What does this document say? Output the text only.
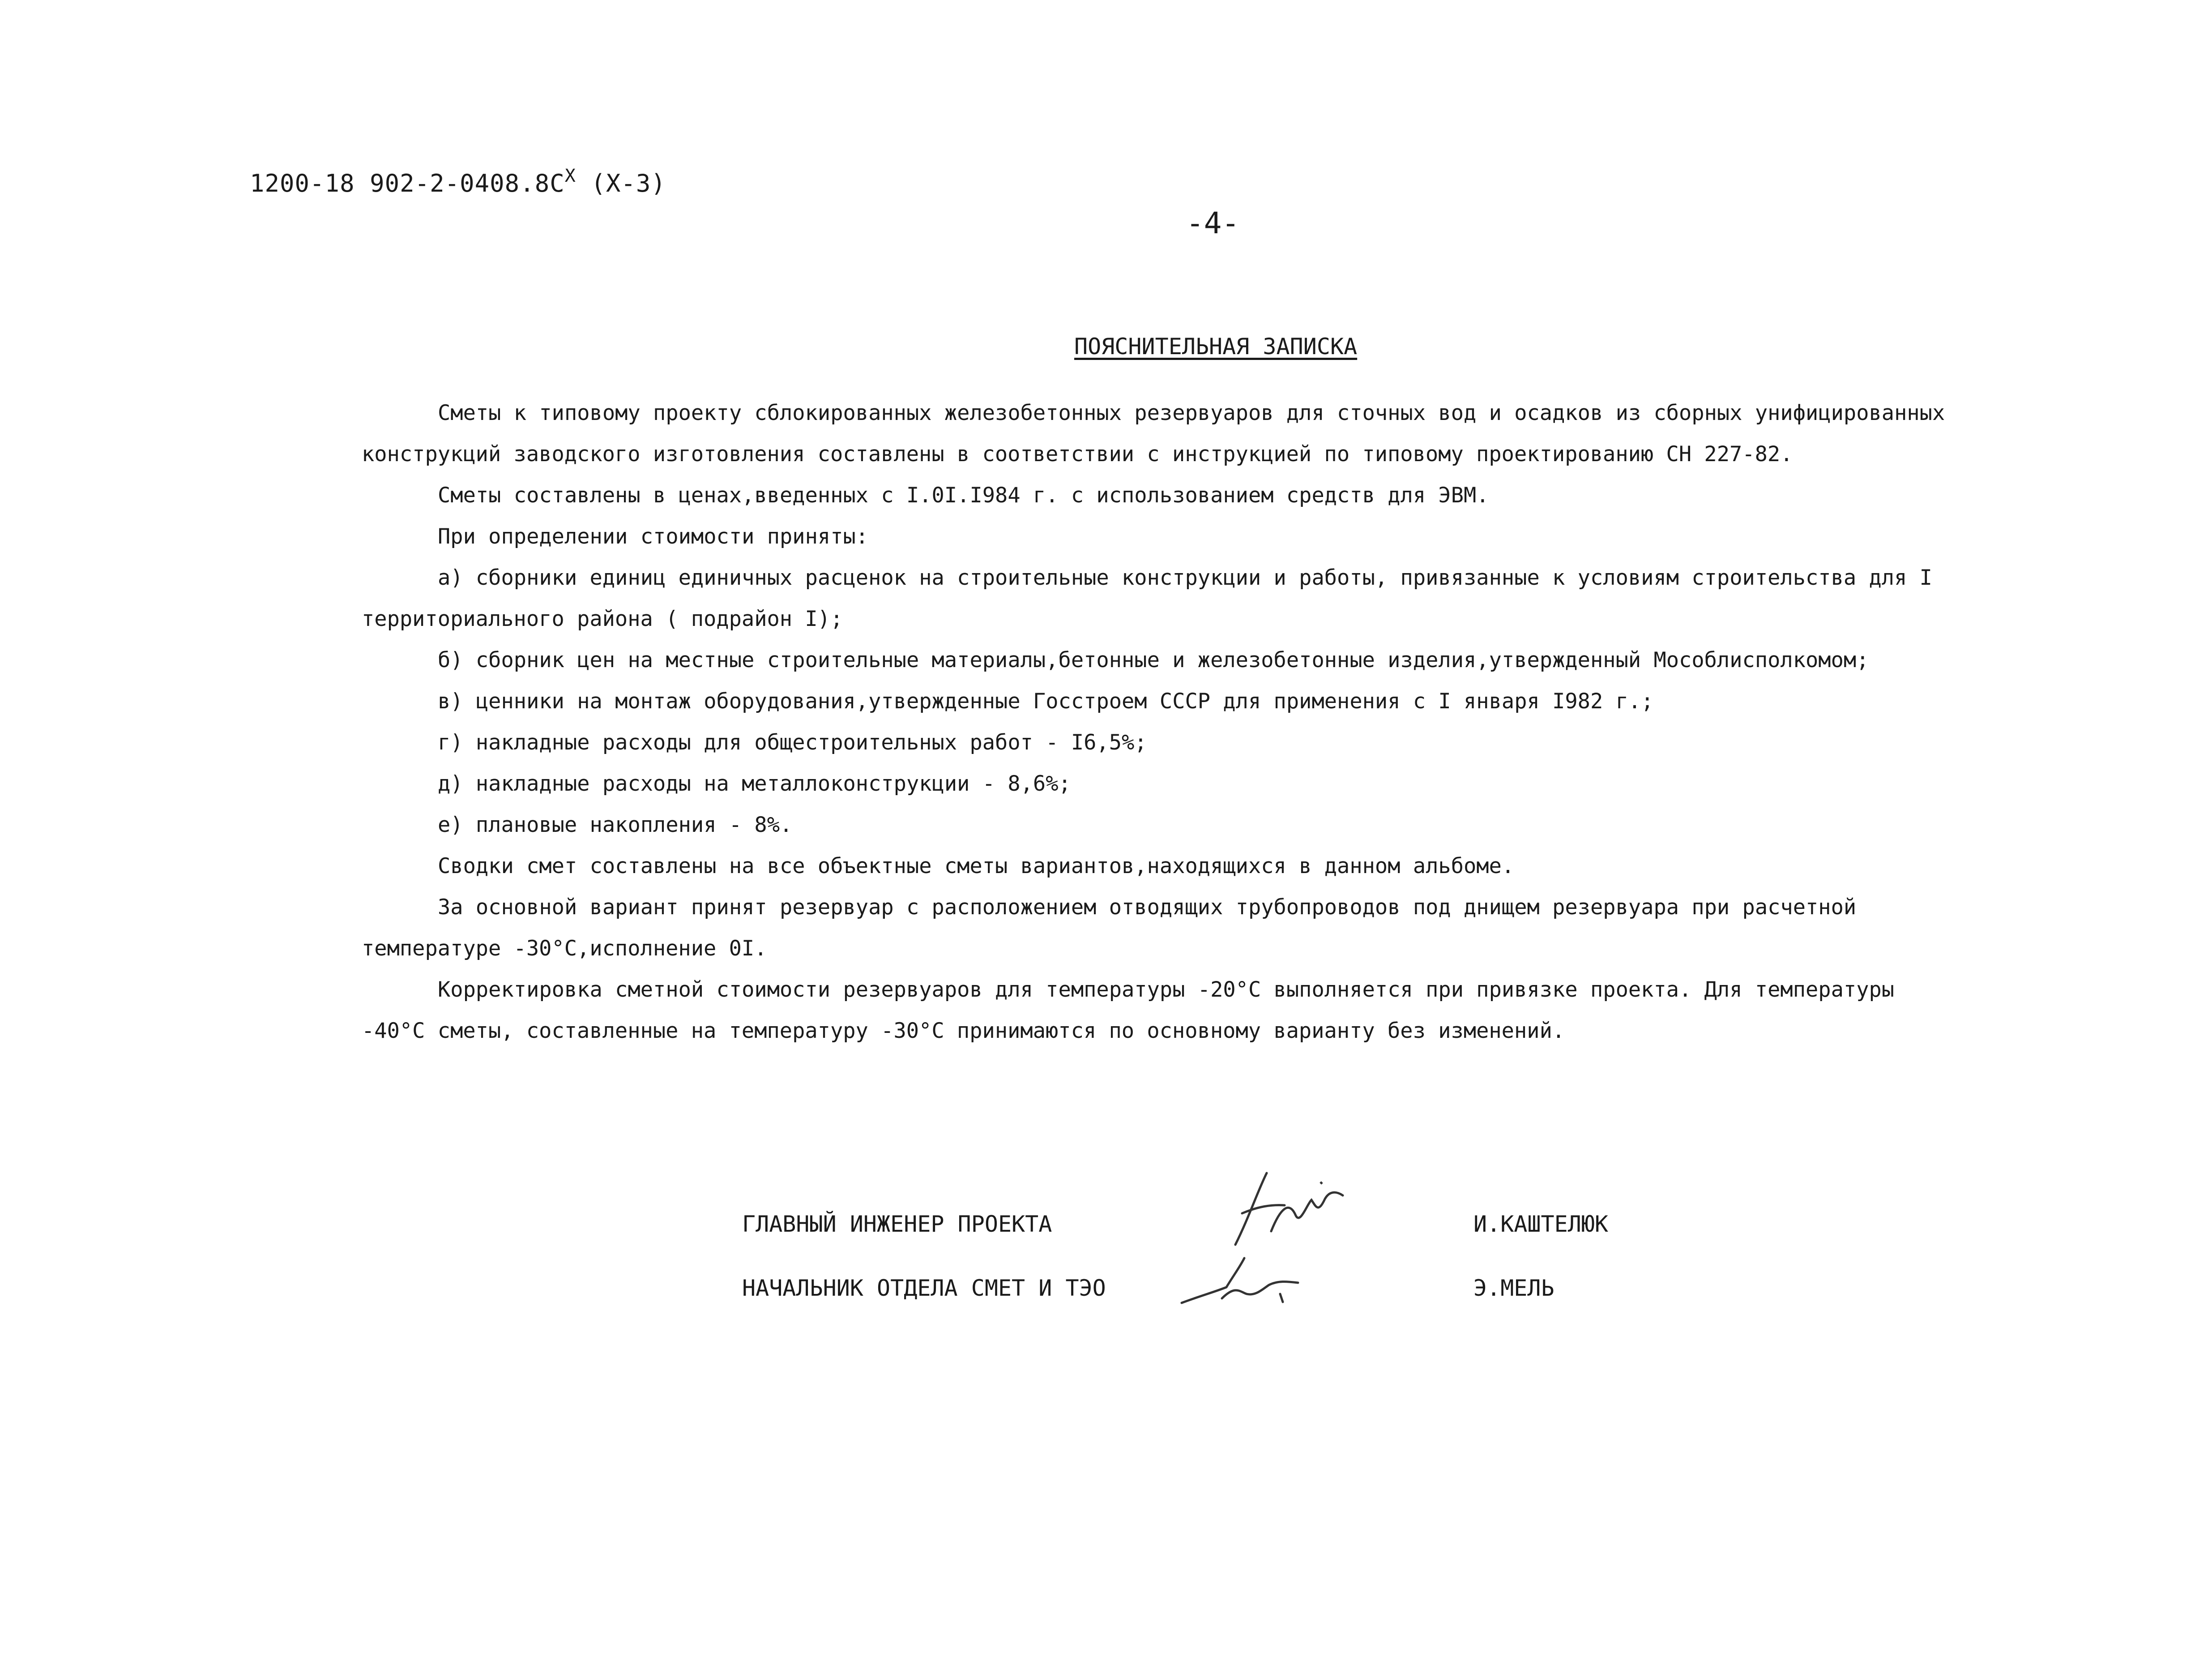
1200-18 $902-2-0408.8С^Х$ (Х-3)
-4-
ПОЯСНИТЕЛЬНАЯ ЗАПИСКА
Сметы к типовому проекту сблокированных железобетонных резервуаров для сточных вод и осадков из сборных унифицированных
конструкций заводского изготовления составлены в соответствии с инструкцией по типовому проектированию СН 227-82.
Сметы составлены в ценах,введенных с I.0I.I984 г. с использованием средств для ЭВМ.
При определении стоимости приняты:
а) сборники единиц единичных расценок на строительные конструкции и работы, привязанные к условиям строительства для I
территориального района ( подрайон I);
б) сборник цен на местные строительные материалы,бетонные и железобетонные изделия,утвержденный Мособлисполкомом;
в) ценники на монтаж оборудования,утвержденные Госстроем СССР для применения с I января I982 г.;
г) накладные расходы для общестроительных работ - I6,5%;
д) накладные расходы на металлоконструкции - 8,6%;
е) плановые накопления - 8%.
Сводки смет составлены на все объектные сметы вариантов,находящихся в данном альбоме.
За основной вариант принят резервуар с расположением отводящих трубопроводов под днищем резервуара при расчетной
температуре -30°С,исполнение 0I.
Корректировка сметной стоимости резервуаров для температуры -20°С выполняется при привязке проекта. Для температуры
-40°С сметы, составленные на температуру -30°С принимаются по основному варианту без изменений.
ГЛАВНЫЙ ИНЖЕНЕР ПРОЕКТА	И.КАШТЕЛЮК
НАЧАЛЬНИК ОТДЕЛА СМЕТ И ТЭО	Э.МЕЛЬ
